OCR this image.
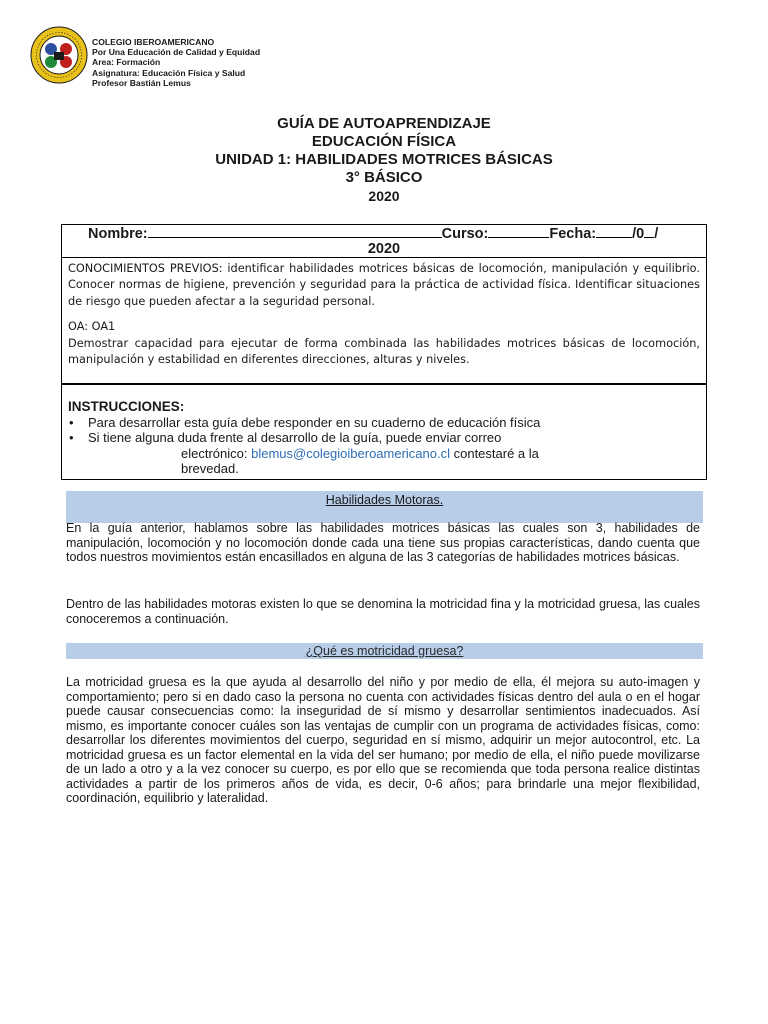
COLEGIO IBEROAMERICANO
Por Una Educación de Calidad y Equidad
Area: Formación
Asignatura: Educación Física y Salud
Profesor Bastián Lemus
GUÍA DE AUTOAPRENDIZAJE
EDUCACIÓN FÍSICA
UNIDAD 1: HABILIDADES MOTRICES BÁSICAS
3° BÁSICO
2020
Nombre:	Curso:	Fecha: /0 /
2020

CONOCIMIENTOS PREVIOS: identificar habilidades motrices básicas de locomoción, manipulación y equilibrio. Conocer normas de higiene, prevención y seguridad para la práctica de actividad física. Identificar situaciones de riesgo que pueden afectar a la seguridad personal.

OA: OA1

Demostrar capacidad para ejecutar de forma combinada las habilidades motrices básicas de locomoción, manipulación y estabilidad en diferentes direcciones, alturas y niveles.

INSTRUCCIONES:
• Para desarrollar esta guía debe responder en su cuaderno de educación física
• Si tiene alguna duda frente al desarrollo de la guía, puede enviar correo
electrónico: blemus@colegioiberoamericano.cl contestaré a la
brevedad.
Habilidades Motoras.

En la guía anterior, hablamos sobre las habilidades motrices básicas las cuales son 3, habilidades de manipulación, locomoción y no locomoción donde cada una tiene sus propias características, dando cuenta que todos nuestros movimientos están encasillados en alguna de las 3 categorías de habilidades motrices básicas.

Dentro de las habilidades motoras existen lo que se denomina la motricidad fina y la motricidad gruesa, las cuales conoceremos a continuación.

¿Qué es motricidad gruesa?

La motricidad gruesa es la que ayuda al desarrollo del niño y por medio de ella, él mejora su auto-imagen y comportamiento; pero si en dado caso la persona no cuenta con actividades físicas dentro del aula o en el hogar puede causar consecuencias como: la inseguridad de sí mismo y desarrollar sentimientos inadecuados. Así mismo, es importante conocer cuáles son las ventajas de cumplir con un programa de actividades físicas, como: desarrollar los diferentes movimientos del cuerpo, seguridad en sí mismo, adquirir un mejor autocontrol, etc. La motricidad gruesa es un factor elemental en la vida del ser humano; por medio de ella, el niño puede movilizarse de un lado a otro y a la vez conocer su cuerpo, es por ello que se recomienda que toda persona realice distintas actividades a partir de los primeros años de vida, es decir, 0-6 años; para brindarle una mejor flexibilidad, coordinación, equilibrio y lateralidad.
